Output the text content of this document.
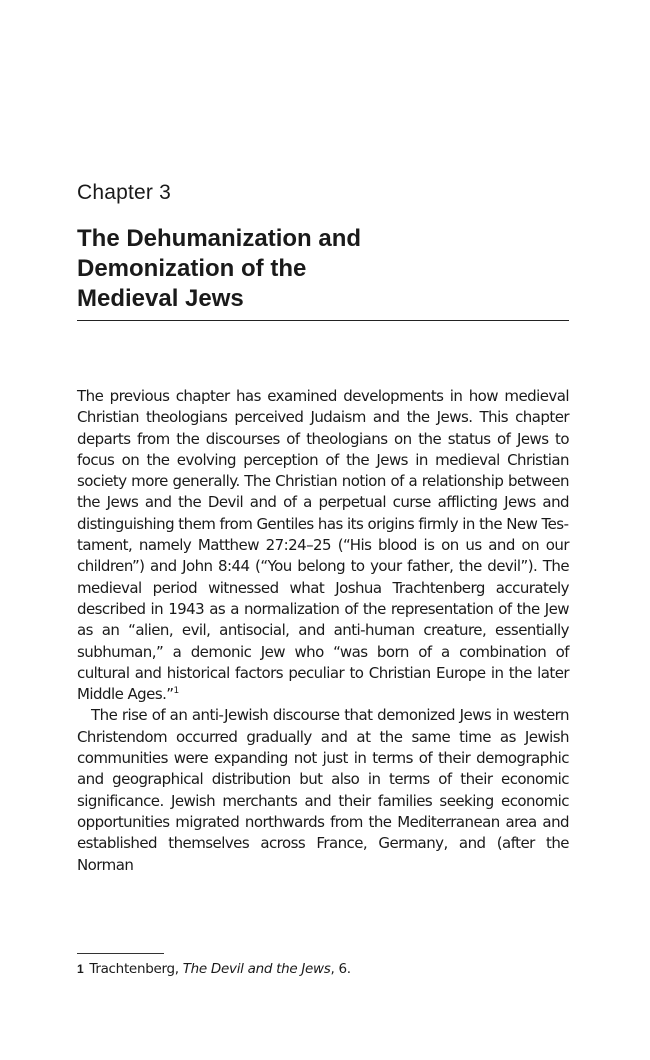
Chapter 3
The Dehumanization and
Demonization of the
Medieval Jews

The previous chapter has examined developments in how medieval Christian theologians perceived Judaism and the Jews. This chapter departs from the discourses of theologians on the status of Jews to focus on the evolving perception of the Jews in medieval Christian society more generally. The Christian notion of a relationship between the Jews and the Devil and of a perpetual curse afflicting Jews and distinguishing them from Gentiles has its origins firmly in the New Testament, namely Matthew 27:24–25 (“His blood is on us and on our children”) and John 8:44 (“You belong to your father, the devil”). The medieval period witnessed what Joshua Trachtenberg accurately described in 1943 as a normalization of the representation of the Jew as an “alien, evil, antisocial, and anti-human creature, essentially subhuman,” a demonic Jew who “was born of a combination of cultural and historical factors peculiar to Christian Europe in the later Middle Ages.”$^1$

The rise of an anti-Jewish discourse that demonized Jews in western Christendom occurred gradually and at the same time as Jewish communities were expanding not just in terms of their demographic and geographical distribution but also in terms of their economic significance. Jewish merchants and their families seeking economic opportunities migrated northwards from the Mediterranean area and established themselves across France, Germany, and (after the Norman

1 Trachtenberg, The Devil and the Jews, 6.
